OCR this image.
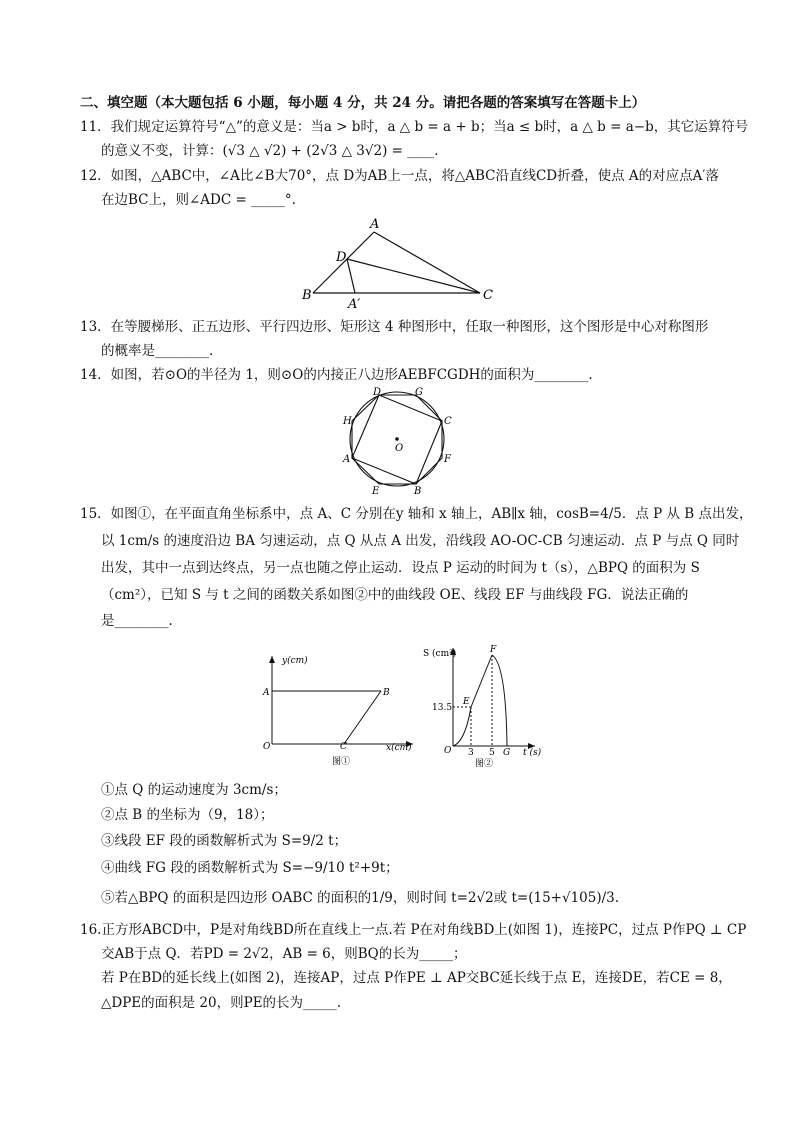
二、填空题（本大题包括 6 小题，每小题 4 分，共 24 分。请把各题的答案填写在答题卡上）
11．我们规定运算符号“△”的意义是：当a > b时，a △ b = a + b；当a ≤ b时，a △ b = a−b，其它运算符号
的意义不变，计算：(√3 △ √2) + (2√3 △ 3√2) = ____.
12．如图，△ABC中，∠A比∠B大70°，点 D为AB上一点，将△ABC沿直线CD折叠，使点 A的对应点A′落
在边BC上，则∠ADC = _____°.
A
D
B
A′
C
13．在等腰梯形、正五边形、平行四边形、矩形这 4 种图形中，任取一种图形，这个图形是中心对称图形
的概率是________.
14．如图，若⊙O的半径为 1，则⊙O的内接正八边形AEBFCGDH的面积为________.
D	G
H	C
O
A	F
E	B
15．如图①，在平面直角坐标系中，点 A、C 分别在y 轴和 x 轴上，AB∥x 轴，cosB=4/5．点 P 从 B 点出发，
以 1cm/s 的速度沿边 BA 匀速运动，点 Q 从点 A 出发，沿线段 AO-OC-CB 匀速运动．点 P 与点 Q 同时
出发，其中一点到达终点，另一点也随之停止运动．设点 P 运动的时间为 t（s），△BPQ 的面积为 S
（cm²），已知 S 与 t 之间的函数关系如图②中的曲线段 OE、线段 EF 与曲线段 FG．说法正确的
是________.
y(cm)
A	B
O	C	x(cm)
图①
S (cm²)	F
E
13.5
O 3 5 G t (s)
图②
①点 Q 的运动速度为 3cm/s；
②点 B 的坐标为（9，18）；
③线段 EF 段的函数解析式为 S=9/2 t；
④曲线 FG 段的函数解析式为 S=−9/10 t²+9t；
⑤若△BPQ 的面积是四边形 OABC 的面积的1/9，则时间 t=2√2或 t=(15+√105)/3.
16.正方形ABCD中，P是对角线BD所在直线上一点.若 P在对角线BD上(如图 1)，连接PC，过点 P作PQ ⊥ CP
交AB于点 Q．若PD = 2√2，AB = 6，则BQ的长为_____；
若 P在BD的延长线上(如图 2)，连接AP，过点 P作PE ⊥ AP交BC延长线于点 E，连接DE，若CE = 8，
△DPE的面积是 20，则PE的长为_____.
